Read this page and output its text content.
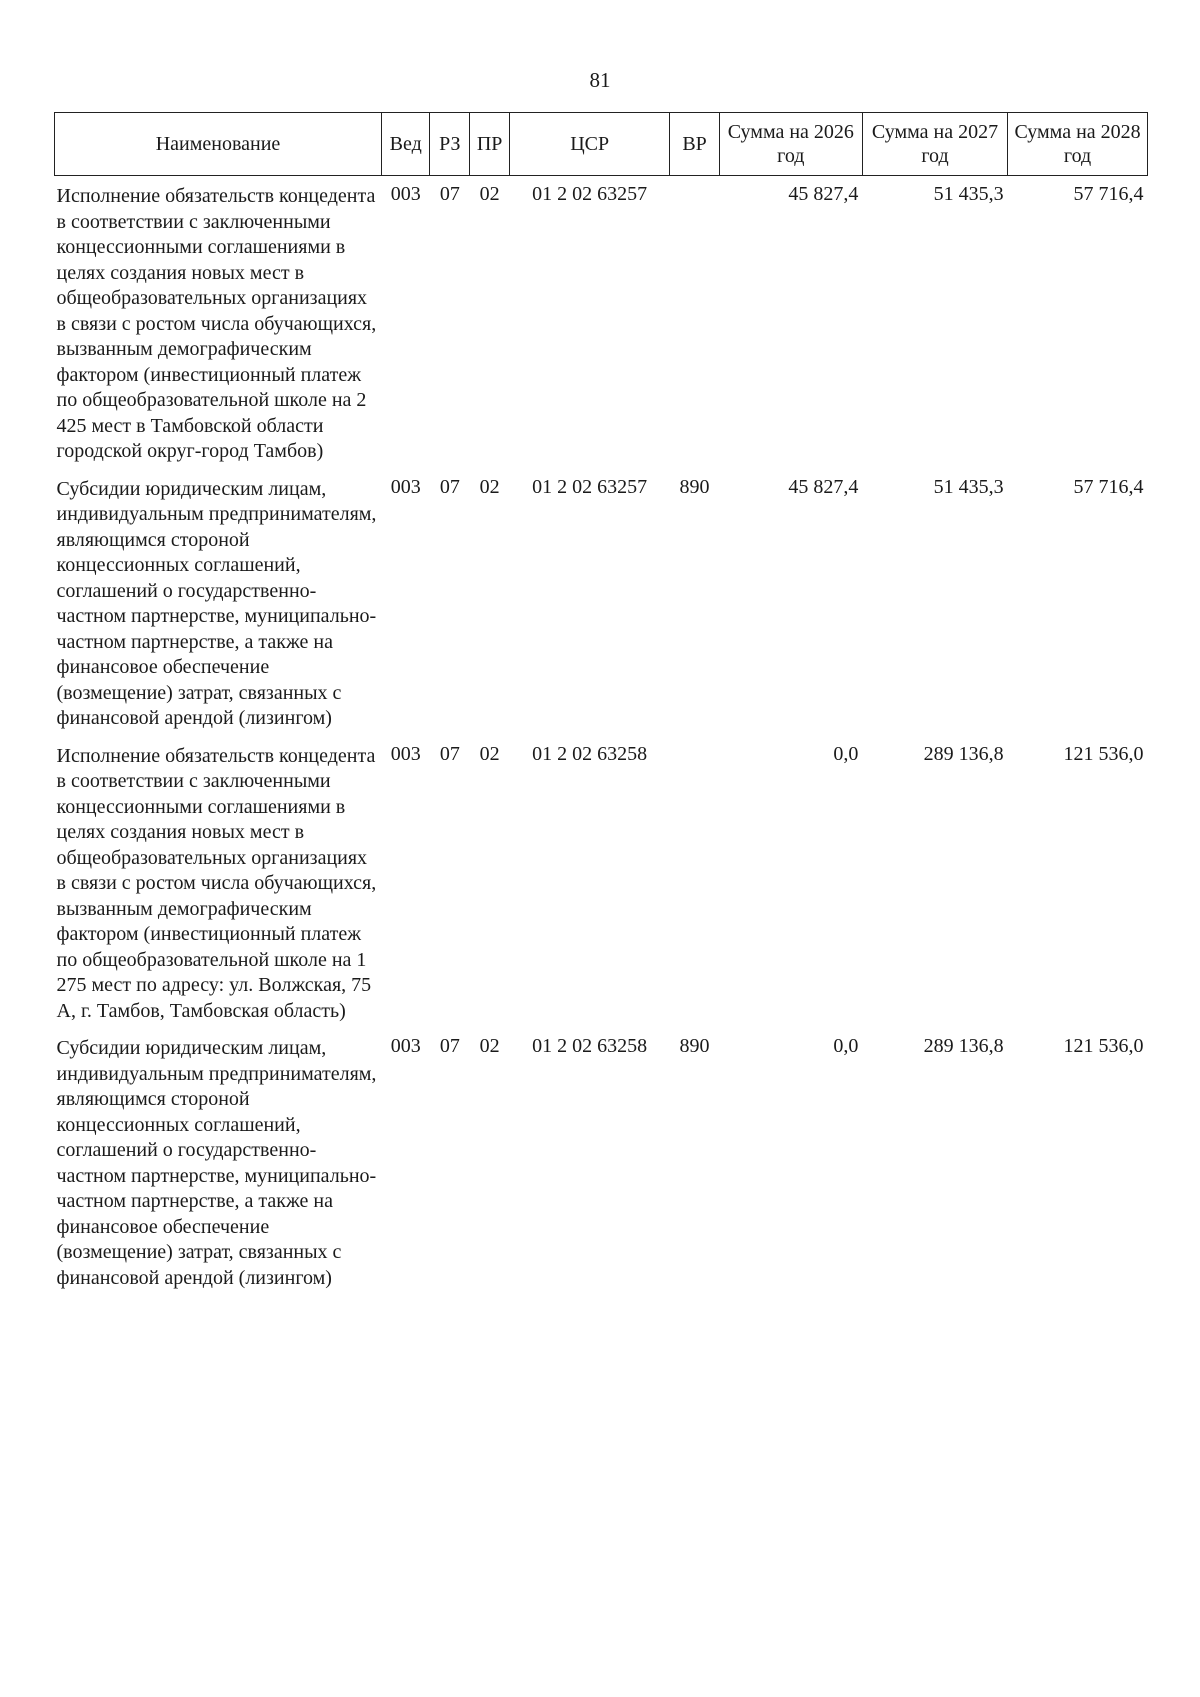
81
Наименование	Вед	РЗ	ПР	ЦСР	ВР	Сумма на 2026 год	Сумма на 2027 год	Сумма на 2028 год
Исполнение обязательств концедента в соответствии с заключенными концессионными соглашениями в целях создания новых мест в общеобразовательных организациях в связи с ростом числа обучающихся, вызванным демографическим фактором (инвестиционный платеж по общеобразовательной школе на 2 425 мест в Тамбовской области городской округ-город Тамбов)	003	07	02	01 2 02 63257		45 827,4	51 435,3	57 716,4
Субсидии юридическим лицам, индивидуальным предпринимателям, являющимся стороной концессионных соглашений, соглашений о государственно-частном партнерстве, муниципально-частном партнерстве, а также на финансовое обеспечение (возмещение) затрат, связанных с финансовой арендой (лизингом)	003	07	02	01 2 02 63257	890	45 827,4	51 435,3	57 716,4
Исполнение обязательств концедента в соответствии с заключенными концессионными соглашениями в целях создания новых мест в общеобразовательных организациях в связи с ростом числа обучающихся, вызванным демографическим фактором (инвестиционный платеж по общеобразовательной школе на 1 275 мест по адресу: ул. Волжская, 75 А, г. Тамбов, Тамбовская область)	003	07	02	01 2 02 63258		0,0	289 136,8	121 536,0
Субсидии юридическим лицам, индивидуальным предпринимателям, являющимся стороной концессионных соглашений, соглашений о государственно-частном партнерстве, муниципально-частном партнерстве, а также на финансовое обеспечение (возмещение) затрат, связанных с финансовой арендой (лизингом)	003	07	02	01 2 02 63258	890	0,0	289 136,8	121 536,0
